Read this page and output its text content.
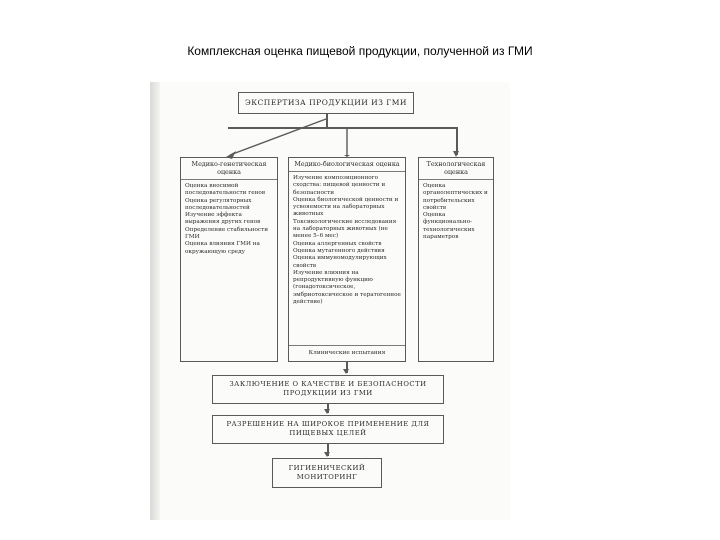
Комплексная оценка пищевой продукции, полученной из ГМИ
ЭКСПЕРТИЗА ПРОДУКЦИИ ИЗ ГМИ
Медико-генетическая оценка
Оценка вносимой последовательности генов
Оценка регуляторных последовательностей
Изучение эффекта выражения других генов
Определение стабильности ГМИ
Оценка влияния ГМИ на окружающую среду
Медико-биологическая оценка
Изучение композиционного сходства: пищевой ценности и безопасности
Оценка биологической ценности и усвояемости на лабораторных животных
Токсикологические исследования на лабораторных животных (не менее 5–6 мес)
Оценка аллергенных свойств
Оценка мутагенного действия
Оценка иммуномодулирующих свойств
Изучение влияния на репродуктивную функцию (гонадотоксическое, эмбриотоксическое и тератогенное действие)
Клинические испытания
Технологическая оценка
Оценка органолептических и потребительских свойств
Оценка функционально-технологических параметров
ЗАКЛЮЧЕНИЕ О КАЧЕСТВЕ И БЕЗОПАСНОСТИ ПРОДУКЦИИ ИЗ ГМИ
РАЗРЕШЕНИЕ НА ШИРОКОЕ ПРИМЕНЕНИЕ ДЛЯ ПИЩЕВЫХ ЦЕЛЕЙ
ГИГИЕНИЧЕСКИЙ МОНИТОРИНГ
